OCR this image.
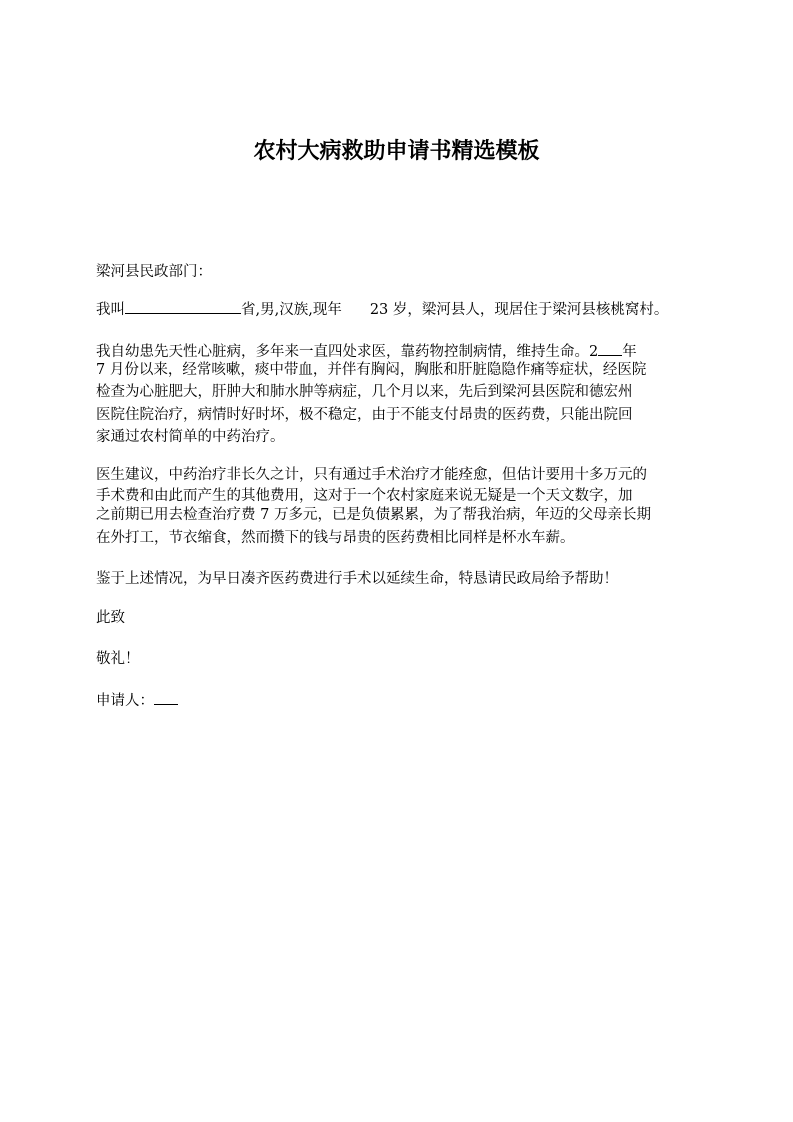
农村大病救助申请书精选模板
梁河县民政部门：
我叫	省,男,汉族,现年 23 岁，梁河县人，现居住于梁河县核桃窝村。
我自幼患先天性心脏病，多年来一直四处求医，靠药物控制病情，维持生命。2 年
7 月份以来，经常咳嗽，痰中带血，并伴有胸闷，胸胀和肝脏隐隐作痛等症状，经医院
检查为心脏肥大，肝肿大和肺水肿等病症，几个月以来，先后到梁河县医院和德宏州
医院住院治疗，病情时好时坏，极不稳定，由于不能支付昂贵的医药费，只能出院回
家通过农村简单的中药治疗。
医生建议，中药治疗非长久之计，只有通过手术治疗才能痊愈，但估计要用十多万元的
手术费和由此而产生的其他费用，这对于一个农村家庭来说无疑是一个天文数字，加
之前期已用去检查治疗费 7 万多元，已是负债累累，为了帮我治病，年迈的父母亲长期
在外打工，节衣缩食，然而攒下的钱与昂贵的医药费相比同样是杯水车薪。
鉴于上述情况，为早日凑齐医药费进行手术以延续生命，特恳请民政局给予帮助！
此致
敬礼！
申请人：
